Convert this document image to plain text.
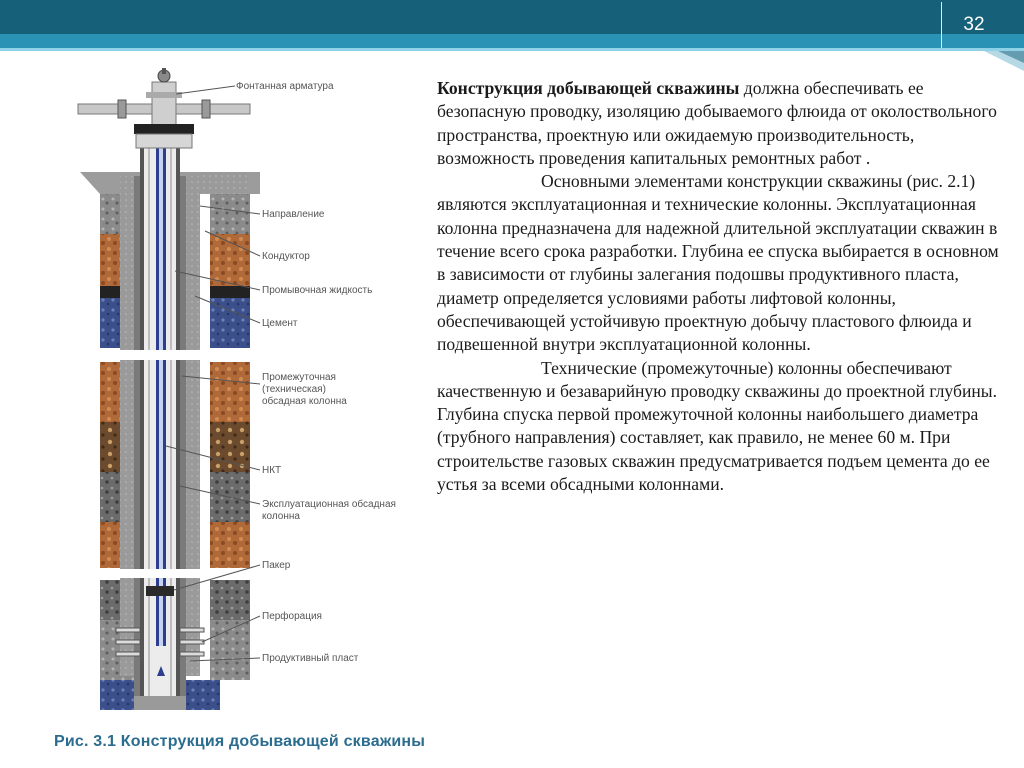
32
Фонтанная арматура
Направление
Кондуктор
Промывочная жидкость
Цемент
Промежуточная
(техническая)
обсадная колонна
НКТ
Эксплуатационная обсадная
колонна
Пакер
Перфорация
Продуктивный пласт

Конструкция добывающей скважины должна обеспечивать ее безопасную проводку, изоляцию добываемого флюида от околоствольного пространства, проектную или ожидаемую производительность, возможность проведения капитальных ремонтных работ .

Основными элементами конструкции скважины (рис. 2.1) являются эксплуатационная и технические колонны. Эксплуатационная колонна предназначена для надежной длительной эксплуатации скважин в течение всего срока разработки. Глубина ее спуска выбирается в основном в зависимости от глубины залегания подошвы продуктивного пласта, диаметр определяется условиями работы лифтовой колонны, обеспечивающей устойчивую проектную добычу пластового флюида и подвешенной внутри эксплуатационной колонны.

Технические (промежуточные) колонны обеспечивают качественную и безаварийную проводку скважины до проектной глубины. Глубина спуска первой промежуточной колонны наибольшего диаметра (трубного направления) составляет, как правило, не менее 60 м. При строительстве газовых скважин предусматривается подъем цемента до ее устья за всеми обсадными колоннами.

Рис. 3.1 Конструкция добывающей скважины
